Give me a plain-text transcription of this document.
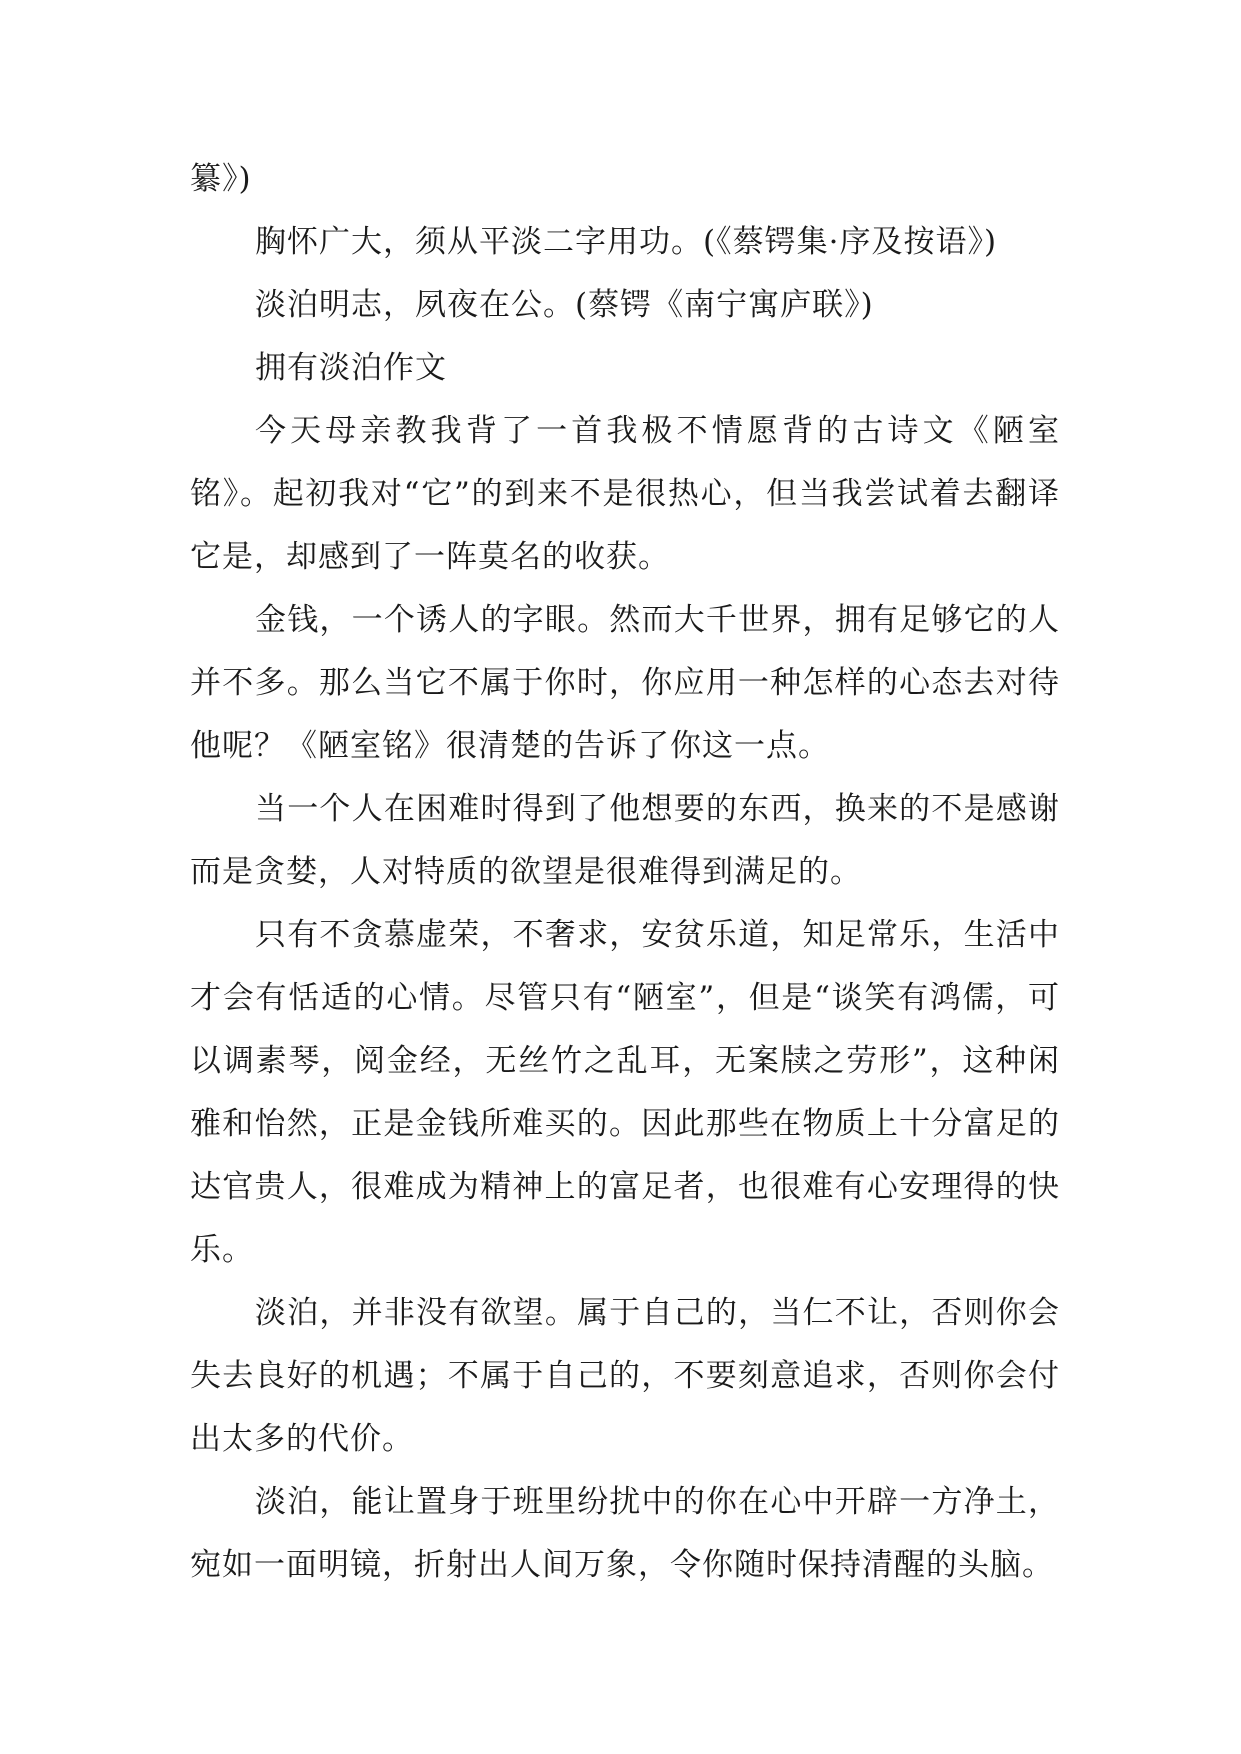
纂》)

胸怀广大，须从平淡二字用功。(《蔡锷集·序及按语》)

淡泊明志，夙夜在公。(蔡锷《南宁寓庐联》)

拥有淡泊作文

今天母亲教我背了一首我极不情愿背的古诗文《陋室铭》。起初我对“它”的到来不是很热心，但当我尝试着去翻译它是，却感到了一阵莫名的收获。

金钱，一个诱人的字眼。然而大千世界，拥有足够它的人并不多。那么当它不属于你时，你应用一种怎样的心态去对待他呢？《陋室铭》很清楚的告诉了你这一点。

当一个人在困难时得到了他想要的东西，换来的不是感谢而是贪婪，人对特质的欲望是很难得到满足的。

只有不贪慕虚荣，不奢求，安贫乐道，知足常乐，生活中才会有恬适的心情。尽管只有“陋室”，但是“谈笑有鸿儒，可以调素琴，阅金经，无丝竹之乱耳，无案牍之劳形”，这种闲雅和怡然，正是金钱所难买的。因此那些在物质上十分富足的达官贵人，很难成为精神上的富足者，也很难有心安理得的快乐。

淡泊，并非没有欲望。属于自己的，当仁不让，否则你会失去良好的机遇；不属于自己的，不要刻意追求，否则你会付出太多的代价。

淡泊，能让置身于班里纷扰中的你在心中开辟一方净土，宛如一面明镜，折射出人间万象，令你随时保持清醒的头脑。
